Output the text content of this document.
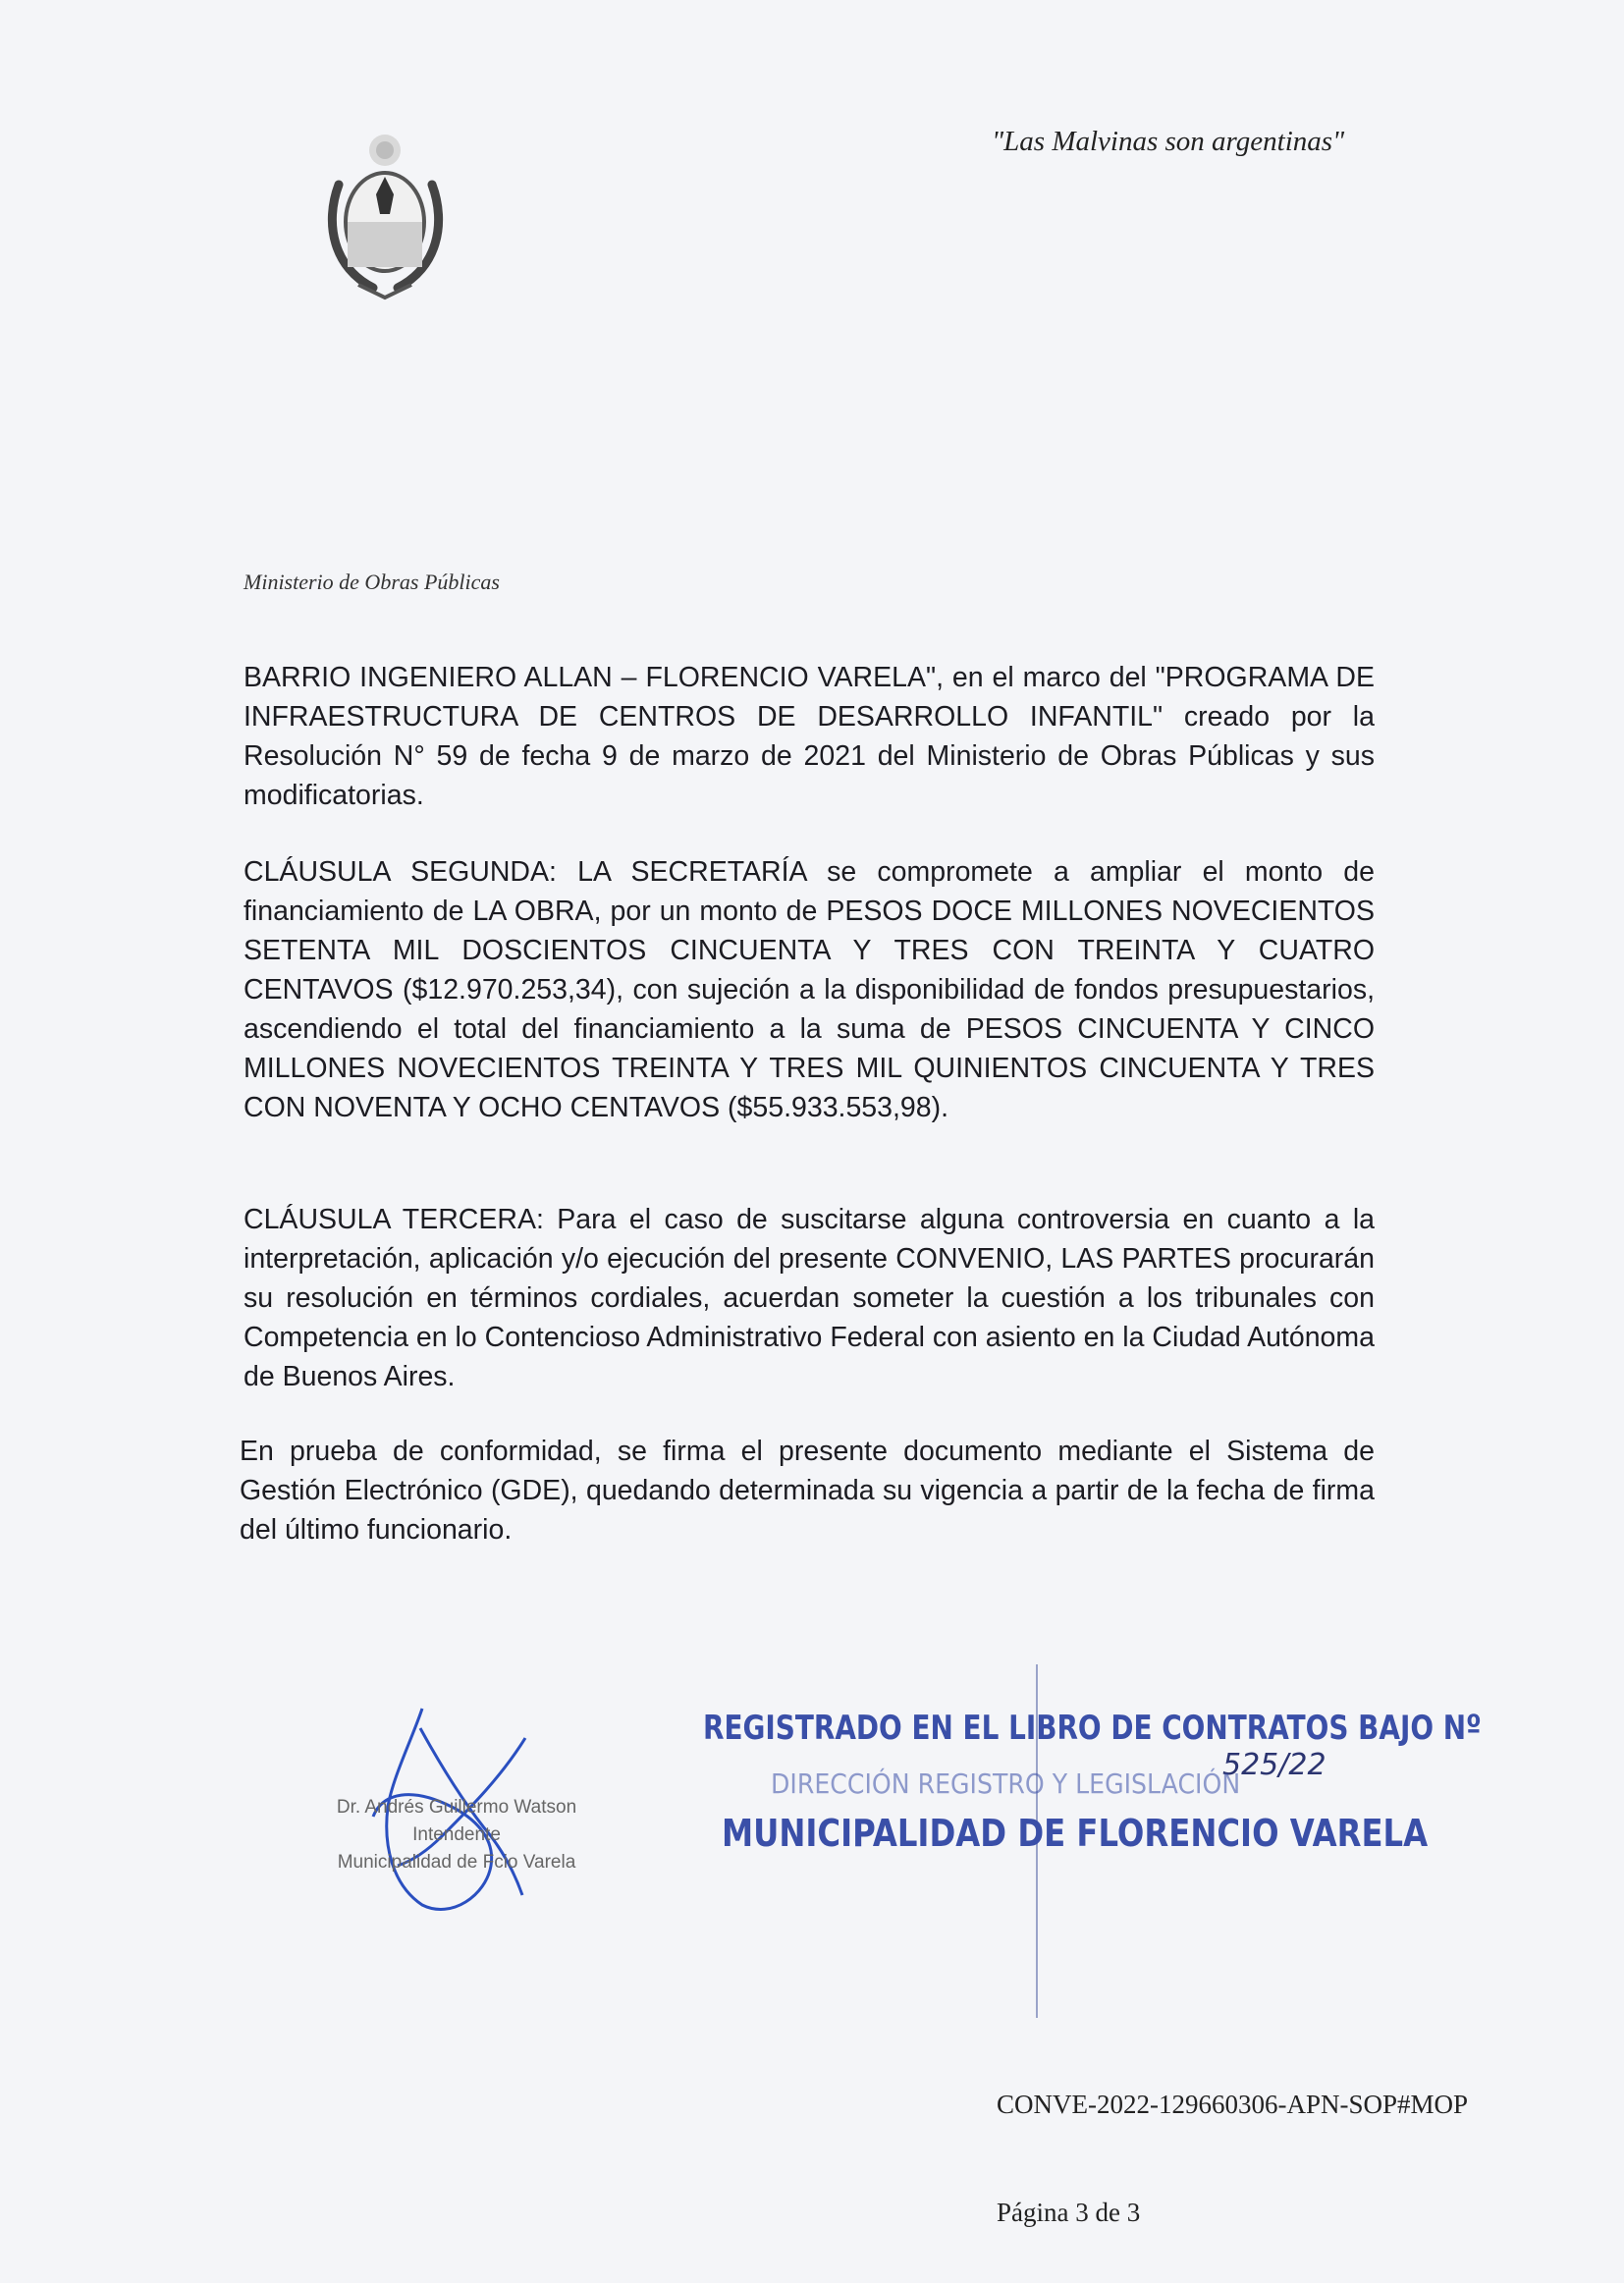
"Las Malvinas son argentinas"
Ministerio de Obras Públicas

BARRIO INGENIERO ALLAN – FLORENCIO VARELA", en el marco del "PROGRAMA DE INFRAESTRUCTURA DE CENTROS DE DESARROLLO INFANTIL" creado por la Resolución N° 59 de fecha 9 de marzo de 2021 del Ministerio de Obras Públicas y sus modificatorias.

CLÁUSULA SEGUNDA: LA SECRETARÍA se compromete a ampliar el monto de financiamiento de LA OBRA, por un monto de PESOS DOCE MILLONES NOVECIENTOS SETENTA MIL DOSCIENTOS CINCUENTA Y TRES CON TREINTA Y CUATRO CENTAVOS ($12.970.253,34), con sujeción a la disponibilidad de fondos presupuestarios, ascendiendo el total del financiamiento a la suma de PESOS CINCUENTA Y CINCO MILLONES NOVECIENTOS TREINTA Y TRES MIL QUINIENTOS CINCUENTA Y TRES CON NOVENTA Y OCHO CENTAVOS ($55.933.553,98).

CLÁUSULA TERCERA: Para el caso de suscitarse alguna controversia en cuanto a la interpretación, aplicación y/o ejecución del presente CONVENIO, LAS PARTES procurarán su resolución en términos cordiales, acuerdan someter la cuestión a los tribunales con Competencia en lo Contencioso Administrativo Federal con asiento en la Ciudad Autónoma de Buenos Aires.

En prueba de conformidad, se firma el presente documento mediante el Sistema de Gestión Electrónico (GDE), quedando determinada su vigencia a partir de la fecha de firma del último funcionario.

Dr. Andrés Guillermo Watson
Intendente
Municipalidad de Fcio Varela
REGISTRADO EN EL LIBRO DE CONTRATOS BAJO Nº
525/22
DIRECCIÓN REGISTRO Y LEGISLACIÓN
MUNICIPALIDAD DE FLORENCIO VARELA
CONVE-2022-129660306-APN-SOP#MOP
Página 3 de 3
